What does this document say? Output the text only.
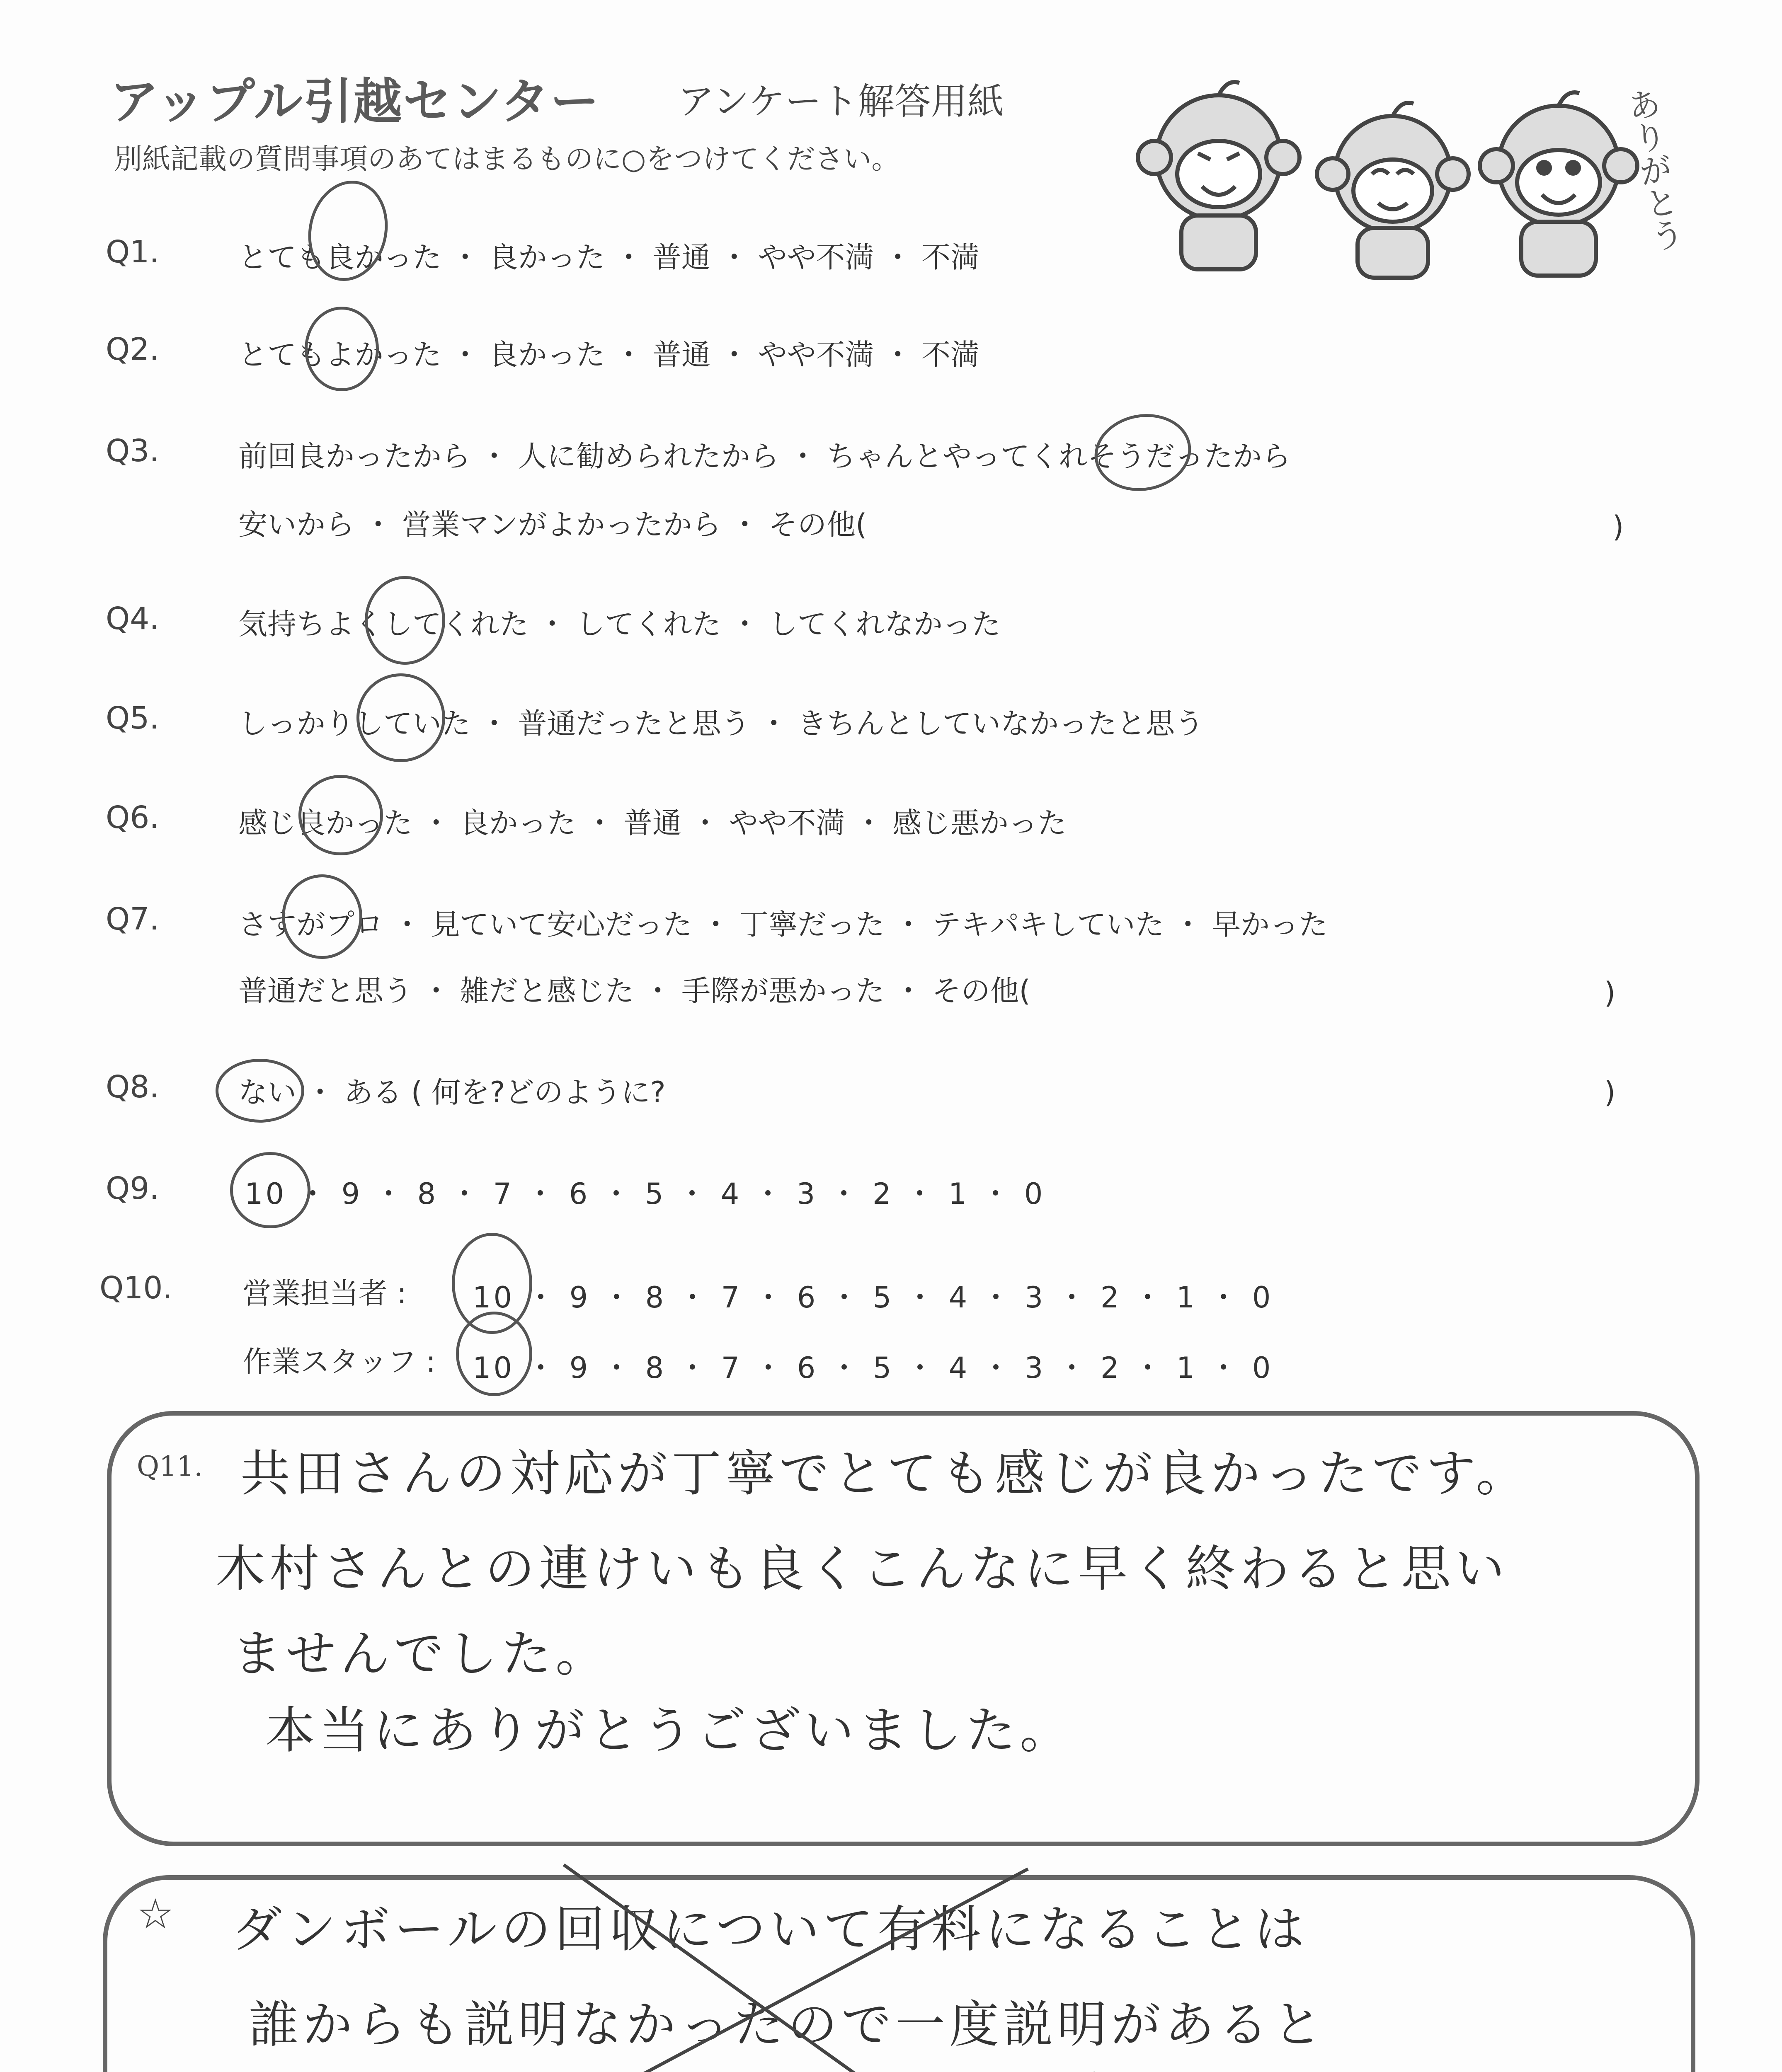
アップル引越センター アンケート解答用紙
別紙記載の質問事項のあてはまるものに○をつけてください。	ありがとう
Q1.	とても良かった ・ 良かった ・ 普通 ・ やや不満 ・ 不満
Q2.	とてもよかった ・ 良かった ・ 普通 ・ やや不満 ・ 不満
Q3.	前回良かったから ・ 人に勧められたから ・ ちゃんとやってくれそうだったから
安いから ・ 営業マンがよかったから ・ その他(	)
Q4.	気持ちよくしてくれた ・ してくれた ・ してくれなかった
Q5.	しっかりしていた ・ 普通だったと思う ・ きちんとしていなかったと思う
Q6.	感じ良かった ・ 良かった ・ 普通 ・ やや不満 ・ 感じ悪かった
Q7.	さすがプロ ・ 見ていて安心だった ・ 丁寧だった ・ テキパキしていた ・ 早かった
普通だと思う ・ 雑だと感じた ・ 手際が悪かった ・ その他(	)
Q8.	ない ・ ある ( 何を?どのように?	)
Q9.	10 ・ 9 ・ 8 ・ 7 ・ 6 ・ 5 ・ 4 ・ 3 ・ 2 ・ 1 ・ 0
Q10. 営業担当者 : 10 ・ 9 ・ 8 ・ 7 ・ 6 ・ 5 ・ 4 ・ 3 ・ 2 ・ 1 ・ 0
作業スタッフ : 10 ・ 9 ・ 8 ・ 7 ・ 6 ・ 5 ・ 4 ・ 3 ・ 2 ・ 1 ・ 0
Q11. 共田さんの対応が丁寧でとても感じが良かったです。
木村さんとの連けいも良くこんなに早く終わると思い
ませんでした。
本当にありがとうございました。
☆ ダンボールの回収について有料になることは
誰からも説明なかったので一度説明があると
